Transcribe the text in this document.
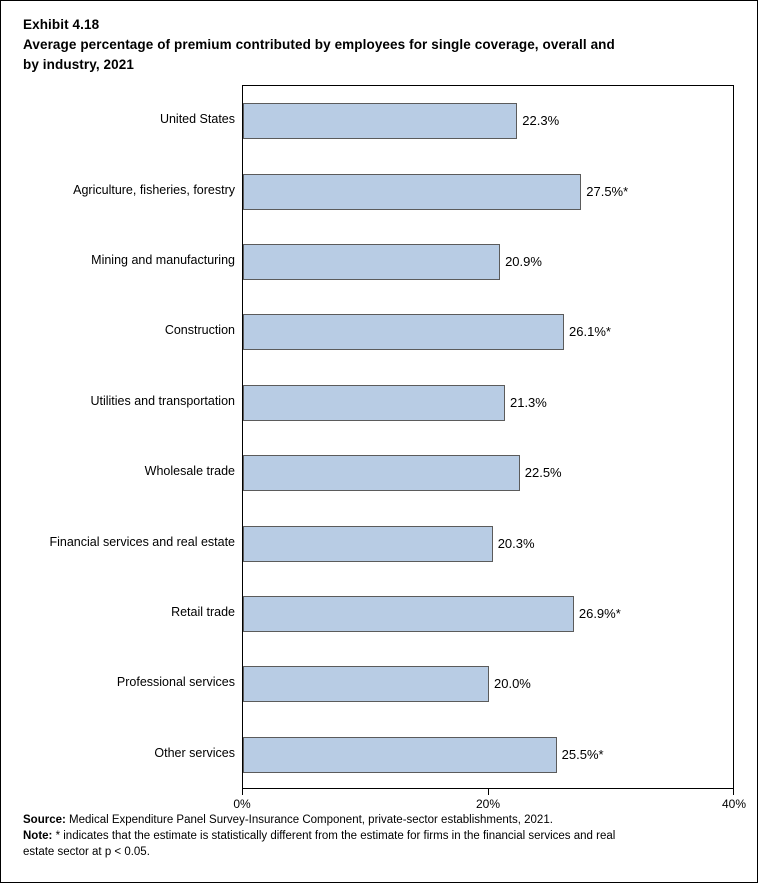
Exhibit 4.18
Average percentage of premium contributed by employees for single coverage, overall and
by industry, 2021
United States
Agriculture, fisheries, forestry
Mining and manufacturing
Construction
Utilities and transportation
Wholesale trade
Financial services and real estate
Retail trade
Professional services
Other services
22.3%
27.5%*
20.9%
26.1%*
21.3%
22.5%
20.3%
26.9%*
20.0%
25.5%*
0%	20%	40%
Source: Medical Expenditure Panel Survey-Insurance Component, private-sector establishments, 2021.
Note: * indicates that the estimate is statistically different from the estimate for firms in the financial services and real
estate sector at p < 0.05.
